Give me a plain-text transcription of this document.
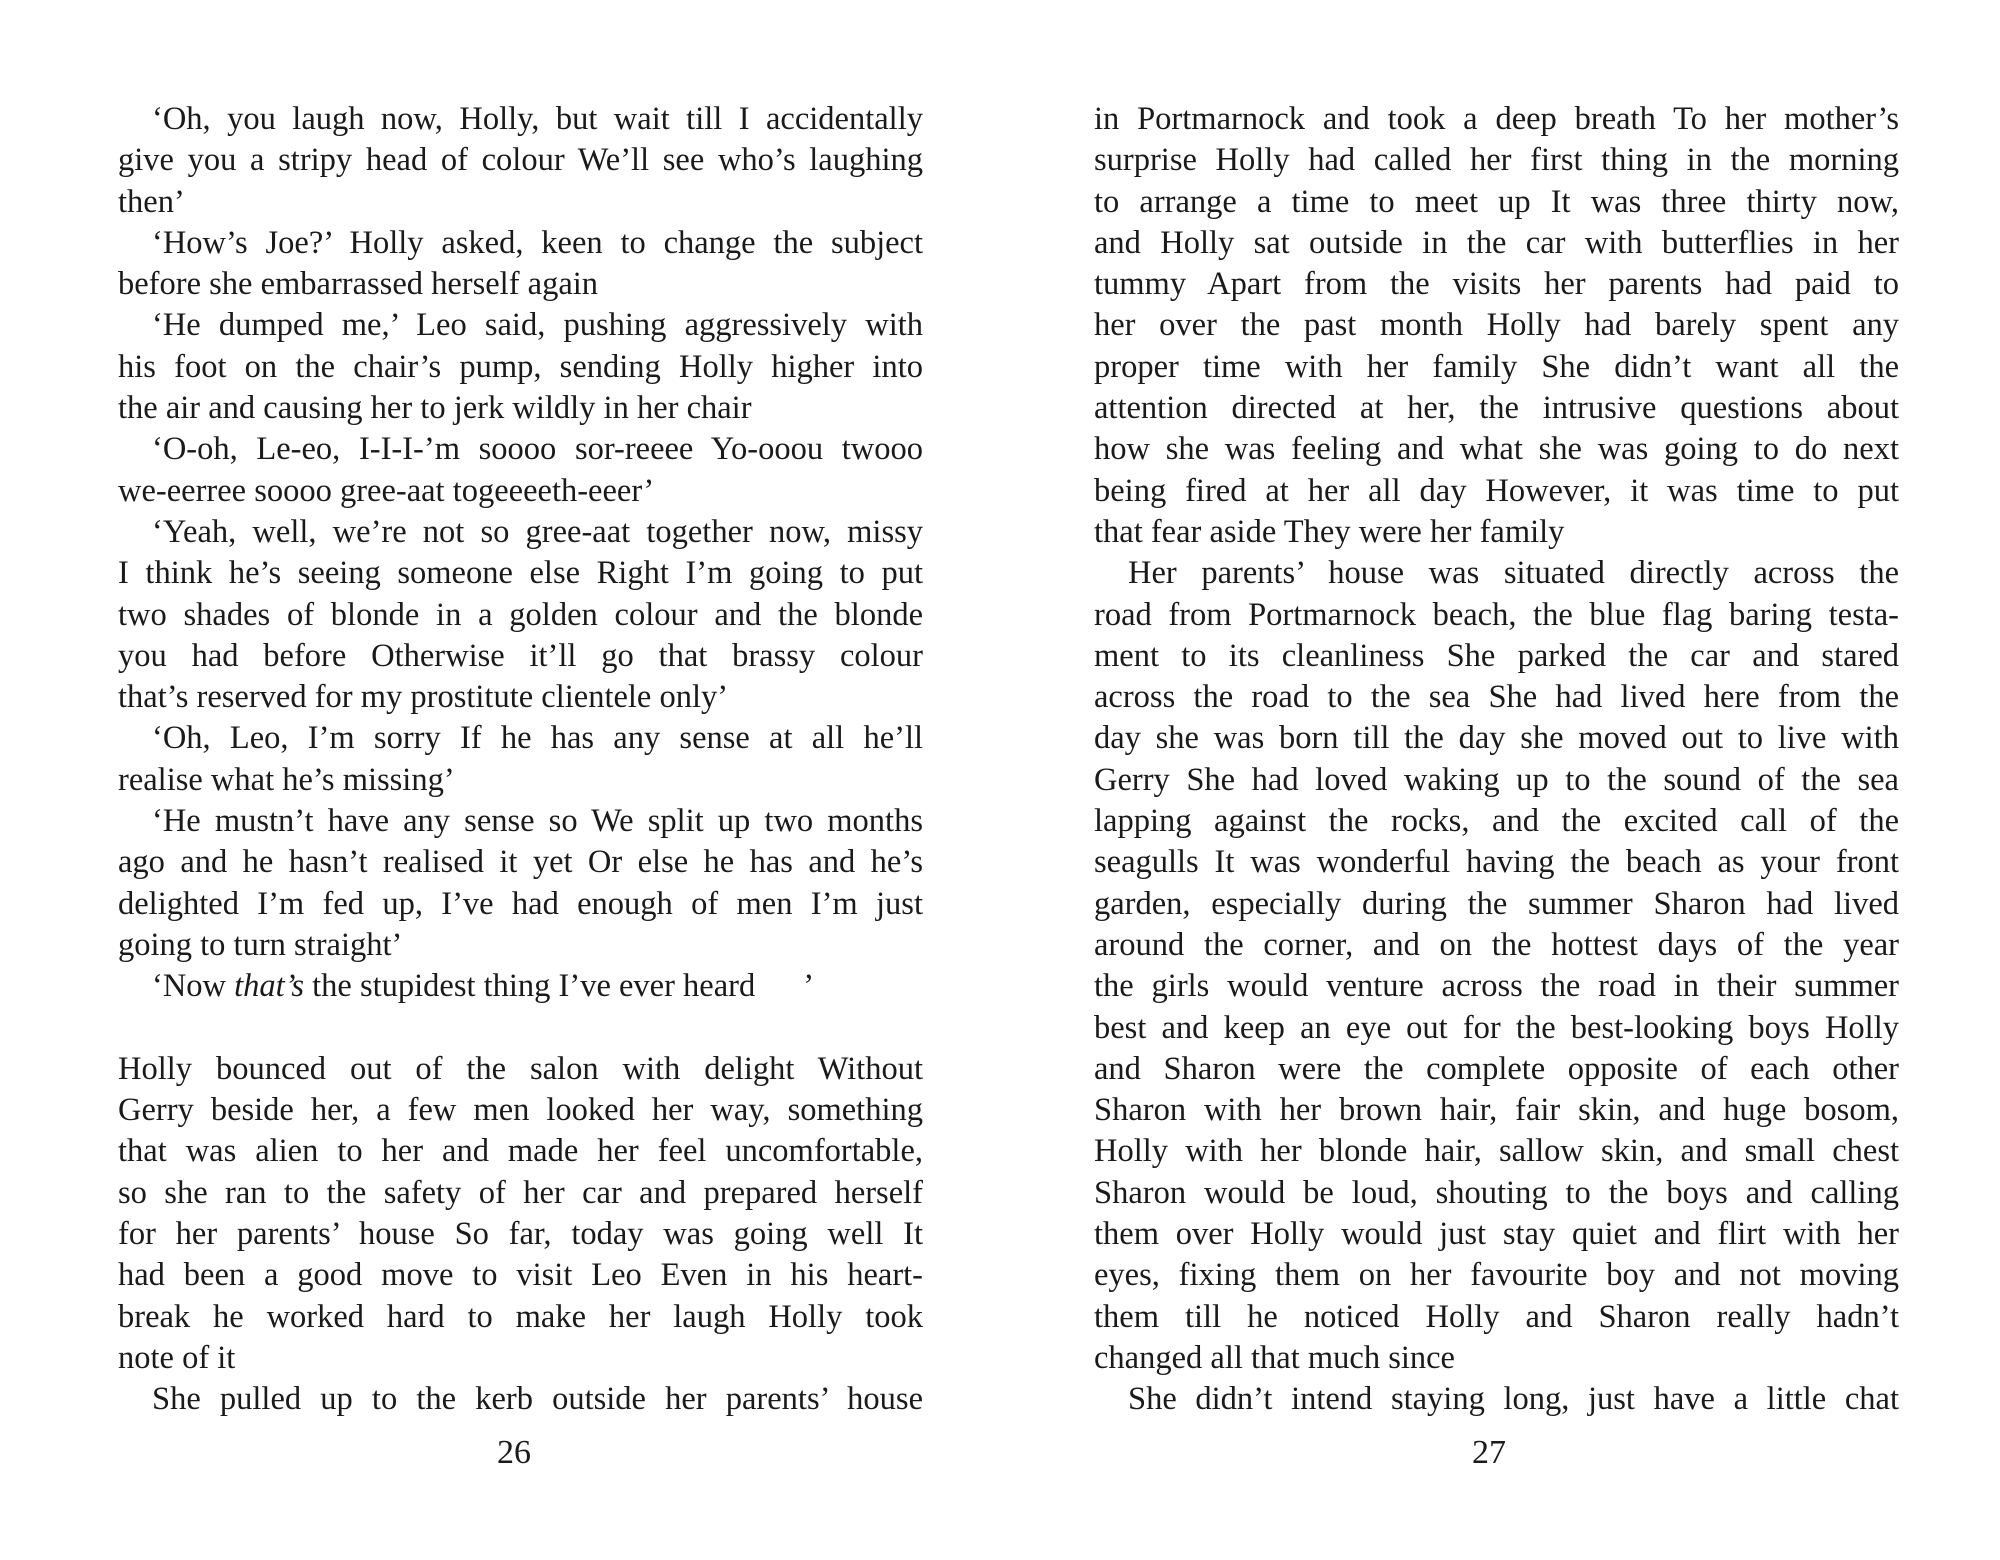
‘Oh, you laugh now, Holly, but wait till I accidentally
give you a stripy head of colour We’ll see who’s laughing
then’
‘How’s Joe?’ Holly asked, keen to change the subject
before she embarrassed herself again
‘He dumped me,’ Leo said, pushing aggressively with
his foot on the chair’s pump, sending Holly higher into
the air and causing her to jerk wildly in her chair
‘O-oh, Le-eo, I-I-I-’m soooo sor-reeee Yo-ooou twooo
we-eerree soooo gree-aat togeeeeth-eeer’
‘Yeah, well, we’re not so gree-aat together now, missy
I think he’s seeing someone else Right I’m going to put
two shades of blonde in a golden colour and the blonde
you had before Otherwise it’ll go that brassy colour
that’s reserved for my prostitute clientele only’
‘Oh, Leo, I’m sorry If he has any sense at all he’ll
realise what he’s missing’
‘He mustn’t have any sense so We split up two months
ago and he hasn’t realised it yet Or else he has and he’s
delighted I’m fed up, I’ve had enough of men I’m just
going to turn straight’
‘Now that’s the stupidest thing I’ve ever heard ’
Holly bounced out of the salon with delight Without
Gerry beside her, a few men looked her way, something
that was alien to her and made her feel uncomfortable,
so she ran to the safety of her car and prepared herself
for her parents’ house So far, today was going well It
had been a good move to visit Leo Even in his heart-
break he worked hard to make her laugh Holly took
note of it
She pulled up to the kerb outside her parents’ house
26
in Portmarnock and took a deep breath To her mother’s
surprise Holly had called her first thing in the morning
to arrange a time to meet up It was three thirty now,
and Holly sat outside in the car with butterflies in her
tummy Apart from the visits her parents had paid to
her over the past month Holly had barely spent any
proper time with her family She didn’t want all the
attention directed at her, the intrusive questions about
how she was feeling and what she was going to do next
being fired at her all day However, it was time to put
that fear aside They were her family
Her parents’ house was situated directly across the
road from Portmarnock beach, the blue flag baring testa-
ment to its cleanliness She parked the car and stared
across the road to the sea She had lived here from the
day she was born till the day she moved out to live with
Gerry She had loved waking up to the sound of the sea
lapping against the rocks, and the excited call of the
seagulls It was wonderful having the beach as your front
garden, especially during the summer Sharon had lived
around the corner, and on the hottest days of the year
the girls would venture across the road in their summer
best and keep an eye out for the best-looking boys Holly
and Sharon were the complete opposite of each other
Sharon with her brown hair, fair skin, and huge bosom,
Holly with her blonde hair, sallow skin, and small chest
Sharon would be loud, shouting to the boys and calling
them over Holly would just stay quiet and flirt with her
eyes, fixing them on her favourite boy and not moving
them till he noticed Holly and Sharon really hadn’t
changed all that much since
She didn’t intend staying long, just have a little chat
27
